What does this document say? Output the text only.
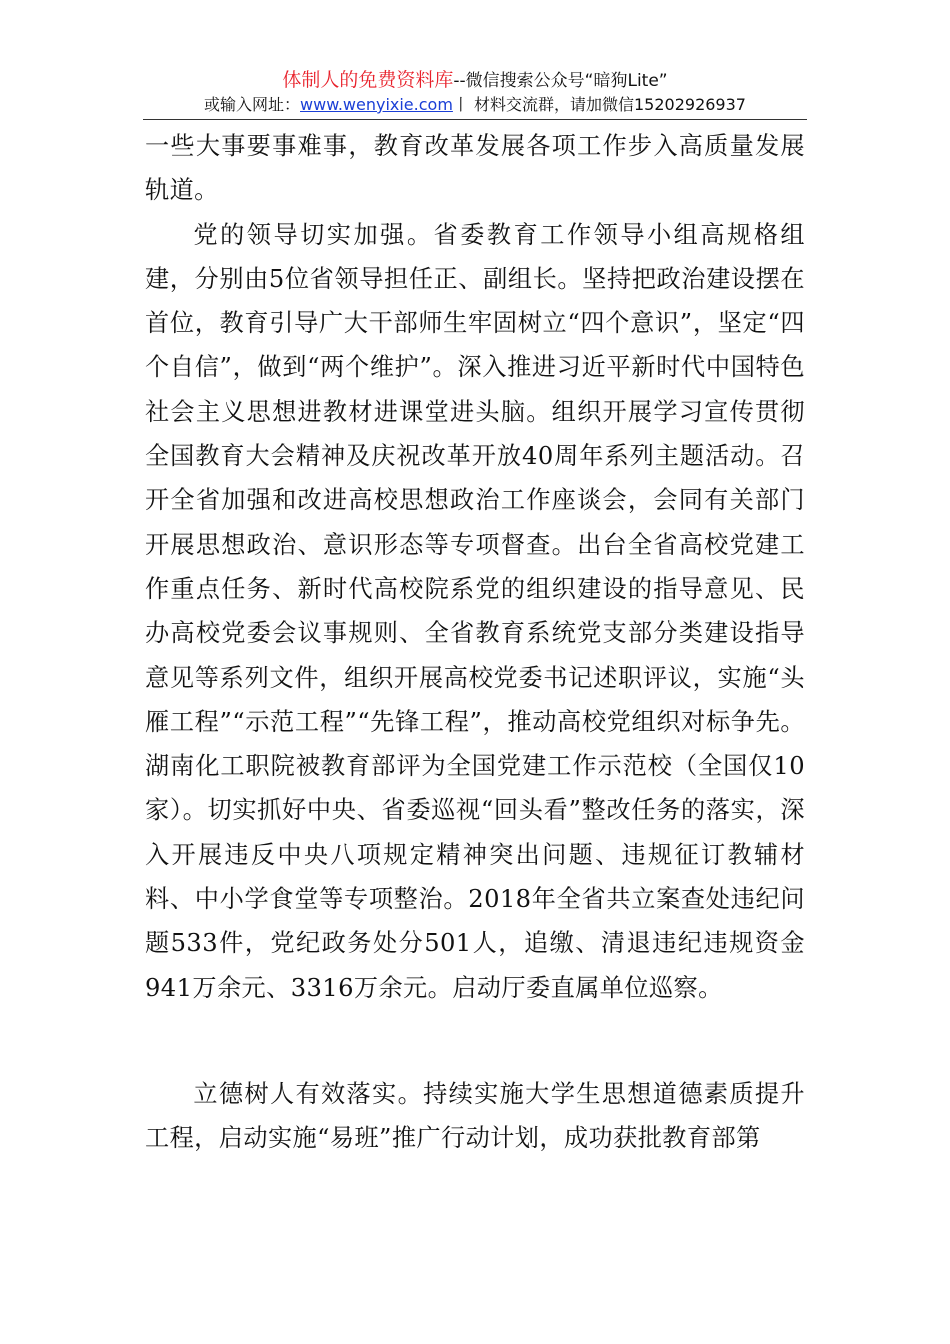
体制人的免费资料库--微信搜索公众号“暗狗Lite”
或输入网址：www.wenyixie.com丨 材料交流群，请加微信15202926937

一些大事要事难事，教育改革发展各项工作步入高质量发展轨道。

党的领导切实加强。省委教育工作领导小组高规格组建，分别由5位省领导担任正、副组长。坚持把政治建设摆在首位，教育引导广大干部师生牢固树立“四个意识”，坚定“四个自信”，做到“两个维护”。深入推进习近平新时代中国特色社会主义思想进教材进课堂进头脑。组织开展学习宣传贯彻全国教育大会精神及庆祝改革开放40周年系列主题活动。召开全省加强和改进高校思想政治工作座谈会，会同有关部门开展思想政治、意识形态等专项督查。出台全省高校党建工作重点任务、新时代高校院系党的组织建设的指导意见、民办高校党委会议事规则、全省教育系统党支部分类建设指导意见等系列文件，组织开展高校党委书记述职评议，实施“头雁工程”“示范工程”“先锋工程”，推动高校党组织对标争先。湖南化工职院被教育部评为全国党建工作示范校（全国仅10家）。切实抓好中央、省委巡视“回头看”整改任务的落实，深入开展违反中央八项规定精神突出问题、违规征订教辅材料、中小学食堂等专项整治。2018年全省共立案查处违纪问题533件，党纪政务处分501人，追缴、清退违纪违规资金941万余元、3316万余元。启动厅委直属单位巡察。

立德树人有效落实。持续实施大学生思想道德素质提升工程，启动实施“易班”推广行动计划，成功获批教育部第
